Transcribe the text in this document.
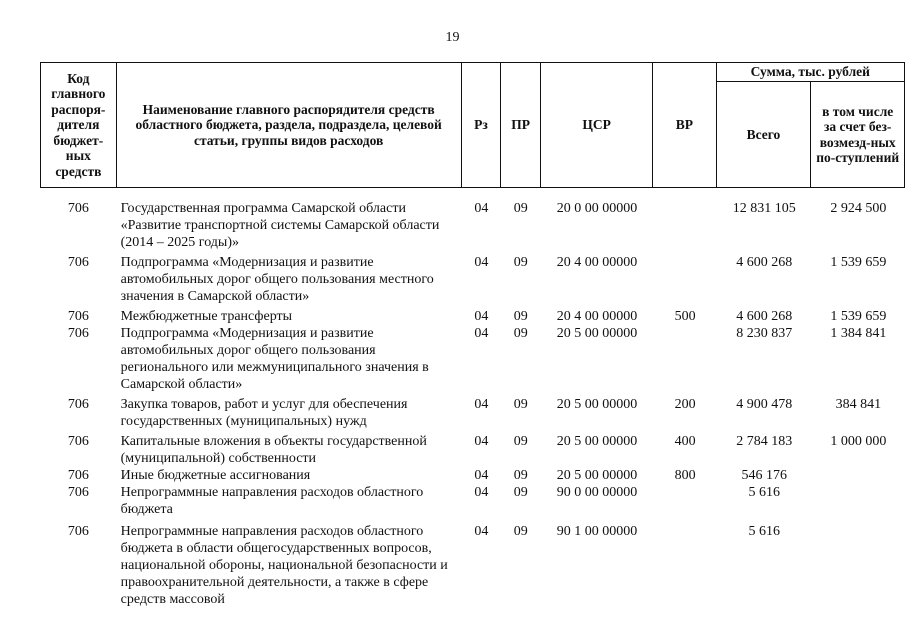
19
Код главного распоря-дителя бюджет-ных средств	Наименование главного распорядителя средств областного бюджета, раздела, подраздела, целевой статьи, группы видов расходов	Рз	ПР	ЦСР	ВР	Сумма, тыс. рублей	
						Всего	в том числе за счет без-возмезд-ных по-ступлений
706	Государственная программа Самарской области «Развитие транспортной системы Самарской области (2014 – 2025 годы)»	04	09	20 0 00 00000		12 831 105	2 924 500
706	Подпрограмма «Модернизация и развитие автомобильных дорог общего пользования местного значения в Самарской области»	04	09	20 4 00 00000		4 600 268	1 539 659
706	Межбюджетные трансферты	04	09	20 4 00 00000	500	4 600 268	1 539 659
706	Подпрограмма «Модернизация и развитие автомобильных дорог общего пользования регионального или межмуниципального значения в Самарской области»	04	09	20 5 00 00000		8 230 837	1 384 841
706	Закупка товаров, работ и услуг для обеспечения государственных (муниципальных) нужд	04	09	20 5 00 00000	200	4 900 478	384 841
706	Капитальные вложения в объекты государственной (муниципальной) собственности	04	09	20 5 00 00000	400	2 784 183	1 000 000
706	Иные бюджетные ассигнования	04	09	20 5 00 00000	800	546 176	
706	Непрограммные направления расходов областного бюджета	04	09	90 0 00 00000		5 616	
706	Непрограммные направления расходов областного бюджета в области общегосударственных вопросов, национальной обороны, национальной безопасности и правоохранительной деятельности, а также в сфере средств массовой	04	09	90 1 00 00000		5 616	
